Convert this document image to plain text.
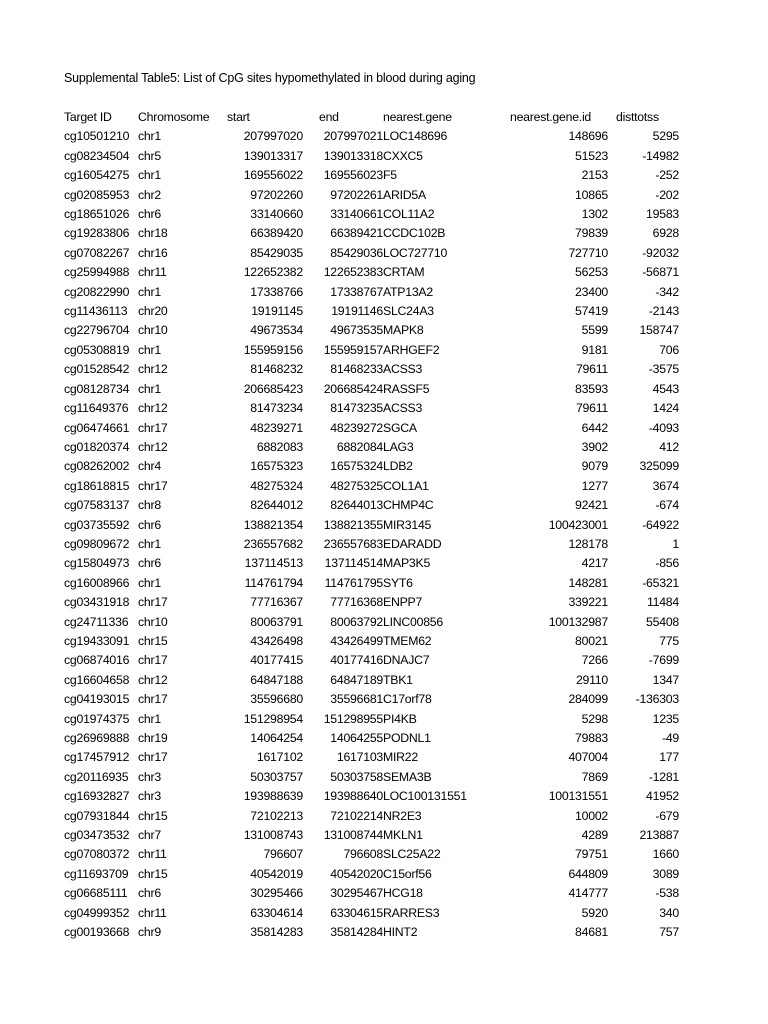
Supplemental Table5: List of CpG sites hypomethylated in blood during aging
Target ID	Chromosome	start	end	nearest.gene	nearest.gene.id	disttotss
cg10501210	chr1	207997020	207997021	LOC148696	148696	5295
cg08234504	chr5	139013317	139013318	CXXC5	51523	-14982
cg16054275	chr1	169556022	169556023	F5	2153	-252
cg02085953	chr2	97202260	97202261	ARID5A	10865	-202
cg18651026	chr6	33140660	33140661	COL11A2	1302	19583
cg19283806	chr18	66389420	66389421	CCDC102B	79839	6928
cg07082267	chr16	85429035	85429036	LOC727710	727710	-92032
cg25994988	chr11	122652382	122652383	CRTAM	56253	-56871
cg20822990	chr1	17338766	17338767	ATP13A2	23400	-342
cg11436113	chr20	19191145	19191146	SLC24A3	57419	-2143
cg22796704	chr10	49673534	49673535	MAPK8	5599	158747
cg05308819	chr1	155959156	155959157	ARHGEF2	9181	706
cg01528542	chr12	81468232	81468233	ACSS3	79611	-3575
cg08128734	chr1	206685423	206685424	RASSF5	83593	4543
cg11649376	chr12	81473234	81473235	ACSS3	79611	1424
cg06474661	chr17	48239271	48239272	SGCA	6442	-4093
cg01820374	chr12	6882083	6882084	LAG3	3902	412
cg08262002	chr4	16575323	16575324	LDB2	9079	325099
cg18618815	chr17	48275324	48275325	COL1A1	1277	3674
cg07583137	chr8	82644012	82644013	CHMP4C	92421	-674
cg03735592	chr6	138821354	138821355	MIR3145	100423001	-64922
cg09809672	chr1	236557682	236557683	EDARADD	128178	1
cg15804973	chr6	137114513	137114514	MAP3K5	4217	-856
cg16008966	chr1	114761794	114761795	SYT6	148281	-65321
cg03431918	chr17	77716367	77716368	ENPP7	339221	11484
cg24711336	chr10	80063791	80063792	LINC00856	100132987	55408
cg19433091	chr15	43426498	43426499	TMEM62	80021	775
cg06874016	chr17	40177415	40177416	DNAJC7	7266	-7699
cg16604658	chr12	64847188	64847189	TBK1	29110	1347
cg04193015	chr17	35596680	35596681	C17orf78	284099	-136303
cg01974375	chr1	151298954	151298955	PI4KB	5298	1235
cg26969888	chr19	14064254	14064255	PODNL1	79883	-49
cg17457912	chr17	1617102	1617103	MIR22	407004	177
cg20116935	chr3	50303757	50303758	SEMA3B	7869	-1281
cg16932827	chr3	193988639	193988640	LOC100131551	100131551	41952
cg07931844	chr15	72102213	72102214	NR2E3	10002	-679
cg03473532	chr7	131008743	131008744	MKLN1	4289	213887
cg07080372	chr11	796607	796608	SLC25A22	79751	1660
cg11693709	chr15	40542019	40542020	C15orf56	644809	3089
cg06685111	chr6	30295466	30295467	HCG18	414777	-538
cg04999352	chr11	63304614	63304615	RARRES3	5920	340
cg00193668	chr9	35814283	35814284	HINT2	84681	757
